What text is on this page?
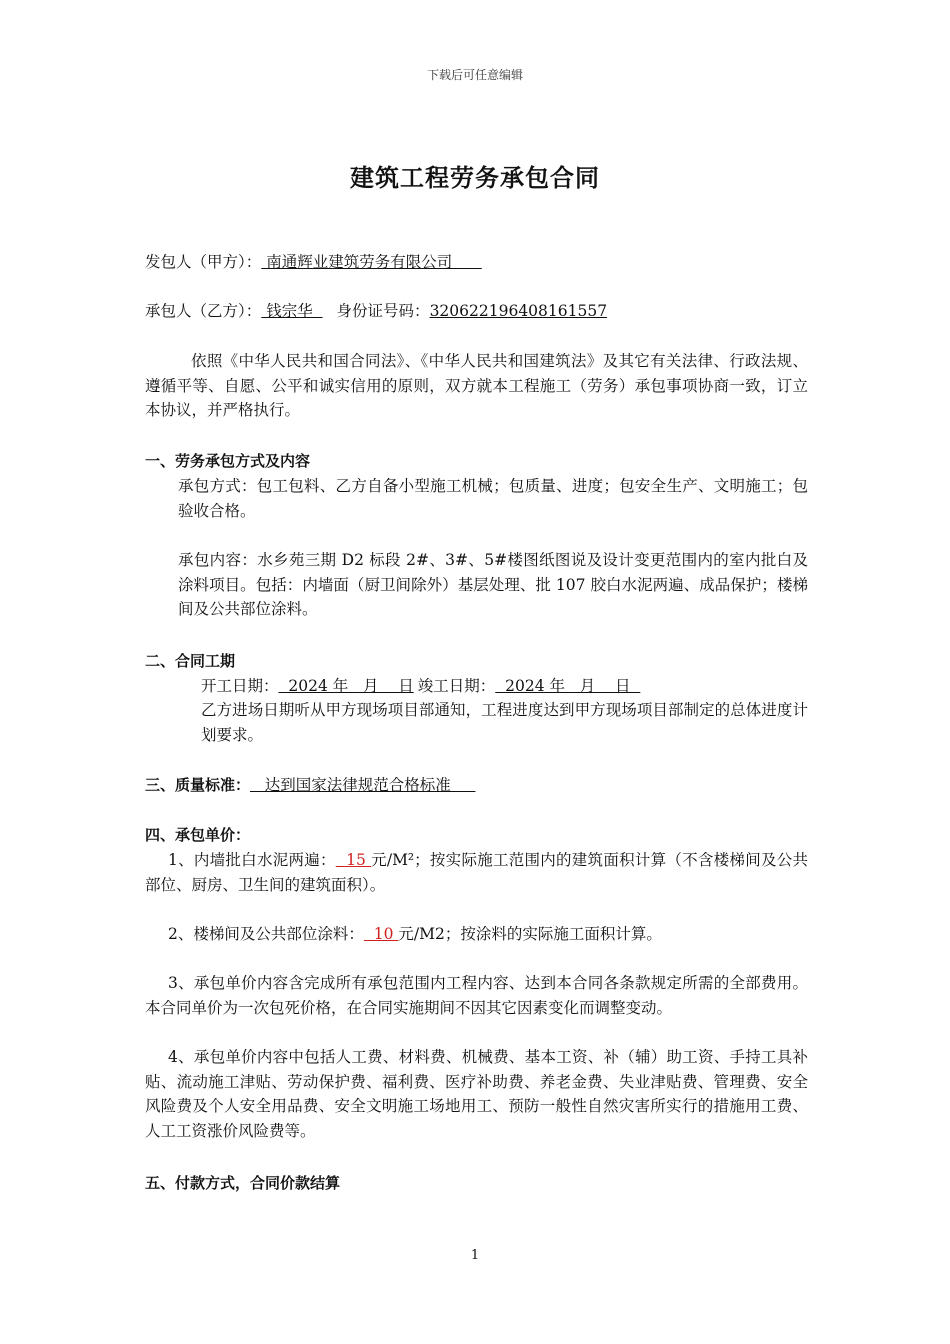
下载后可任意编辑
建筑工程劳务承包合同
发包人（甲方）： 南通辉业建筑劳务有限公司
承包人（乙方）： 钱宗华  身份证号码：320622196408161557
依照《中华人民共和国合同法》、《中华人民共和国建筑法》及其它有关法律、行政法规、遵循平等、自愿、公平和诚实信用的原则，双方就本工程施工（劳务）承包事项协商一致，订立本协议，并严格执行。
一、劳务承包方式及内容
承包方式：包工包料、乙方自备小型施工机械；包质量、进度；包安全生产、文明施工；包验收合格。
承包内容：水乡苑三期 D2 标段 2#、3#、5#楼图纸图说及设计变更范围内的室内批白及涂料项目。包括：内墙面（厨卫间除外）基层处理、批 107 胶白水泥两遍、成品保护；楼梯间及公共部位涂料。
二、合同工期
开工日期：  2024 年   月    日 竣工日期：  2024 年   月    日
乙方进场日期听从甲方现场项目部通知，工程进度达到甲方现场项目部制定的总体进度计划要求。
三、质量标准：   达到国家法律规范合格标准
四、承包单价：
1、内墙批白水泥两遍：  15 元/M²；按实际施工范围内的建筑面积计算（不含楼梯间及公共部位、厨房、卫生间的建筑面积）。
2、楼梯间及公共部位涂料：  10 元/M2；按涂料的实际施工面积计算。
3、承包单价内容含完成所有承包范围内工程内容、达到本合同各条款规定所需的全部费用。本合同单价为一次包死价格，在合同实施期间不因其它因素变化而调整变动。
4、承包单价内容中包括人工费、材料费、机械费、基本工资、补（辅）助工资、手持工具补贴、流动施工津贴、劳动保护费、福利费、医疗补助费、养老金费、失业津贴费、管理费、安全风险费及个人安全用品费、安全文明施工场地用工、预防一般性自然灾害所实行的措施用工费、人工工资涨价风险费等。
五、付款方式，合同价款结算
1
